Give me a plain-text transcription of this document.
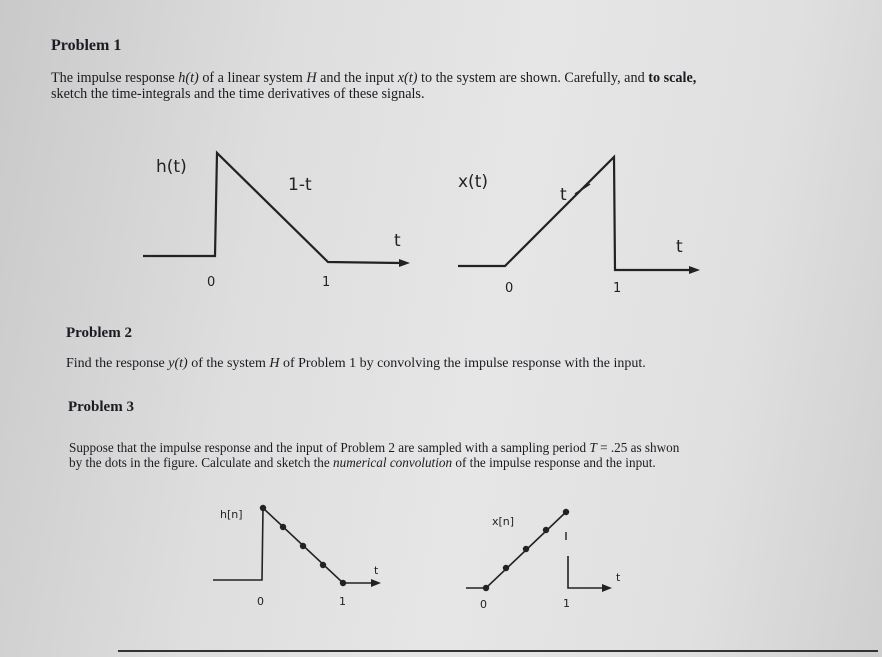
Problem 1
The impulse response h(t) of a linear system H and the input x(t) to the system are shown. Carefully, and to scale,
sketch the time-integrals and the time derivatives of these signals.
h(t)
1-t
t
0	1
x(t)
t
t
0	1
Problem 2
Find the response y(t) of the system H of Problem 1 by convolving the impulse response with the input.
Problem 3
Suppose that the impulse response and the input of Problem 2 are sampled with a sampling period T = .25 as shwon
by the dots in the figure. Calculate and sketch the numerical convolution of the impulse response and the input.
h[n]
t
0	1
x[n]
t
0	1
